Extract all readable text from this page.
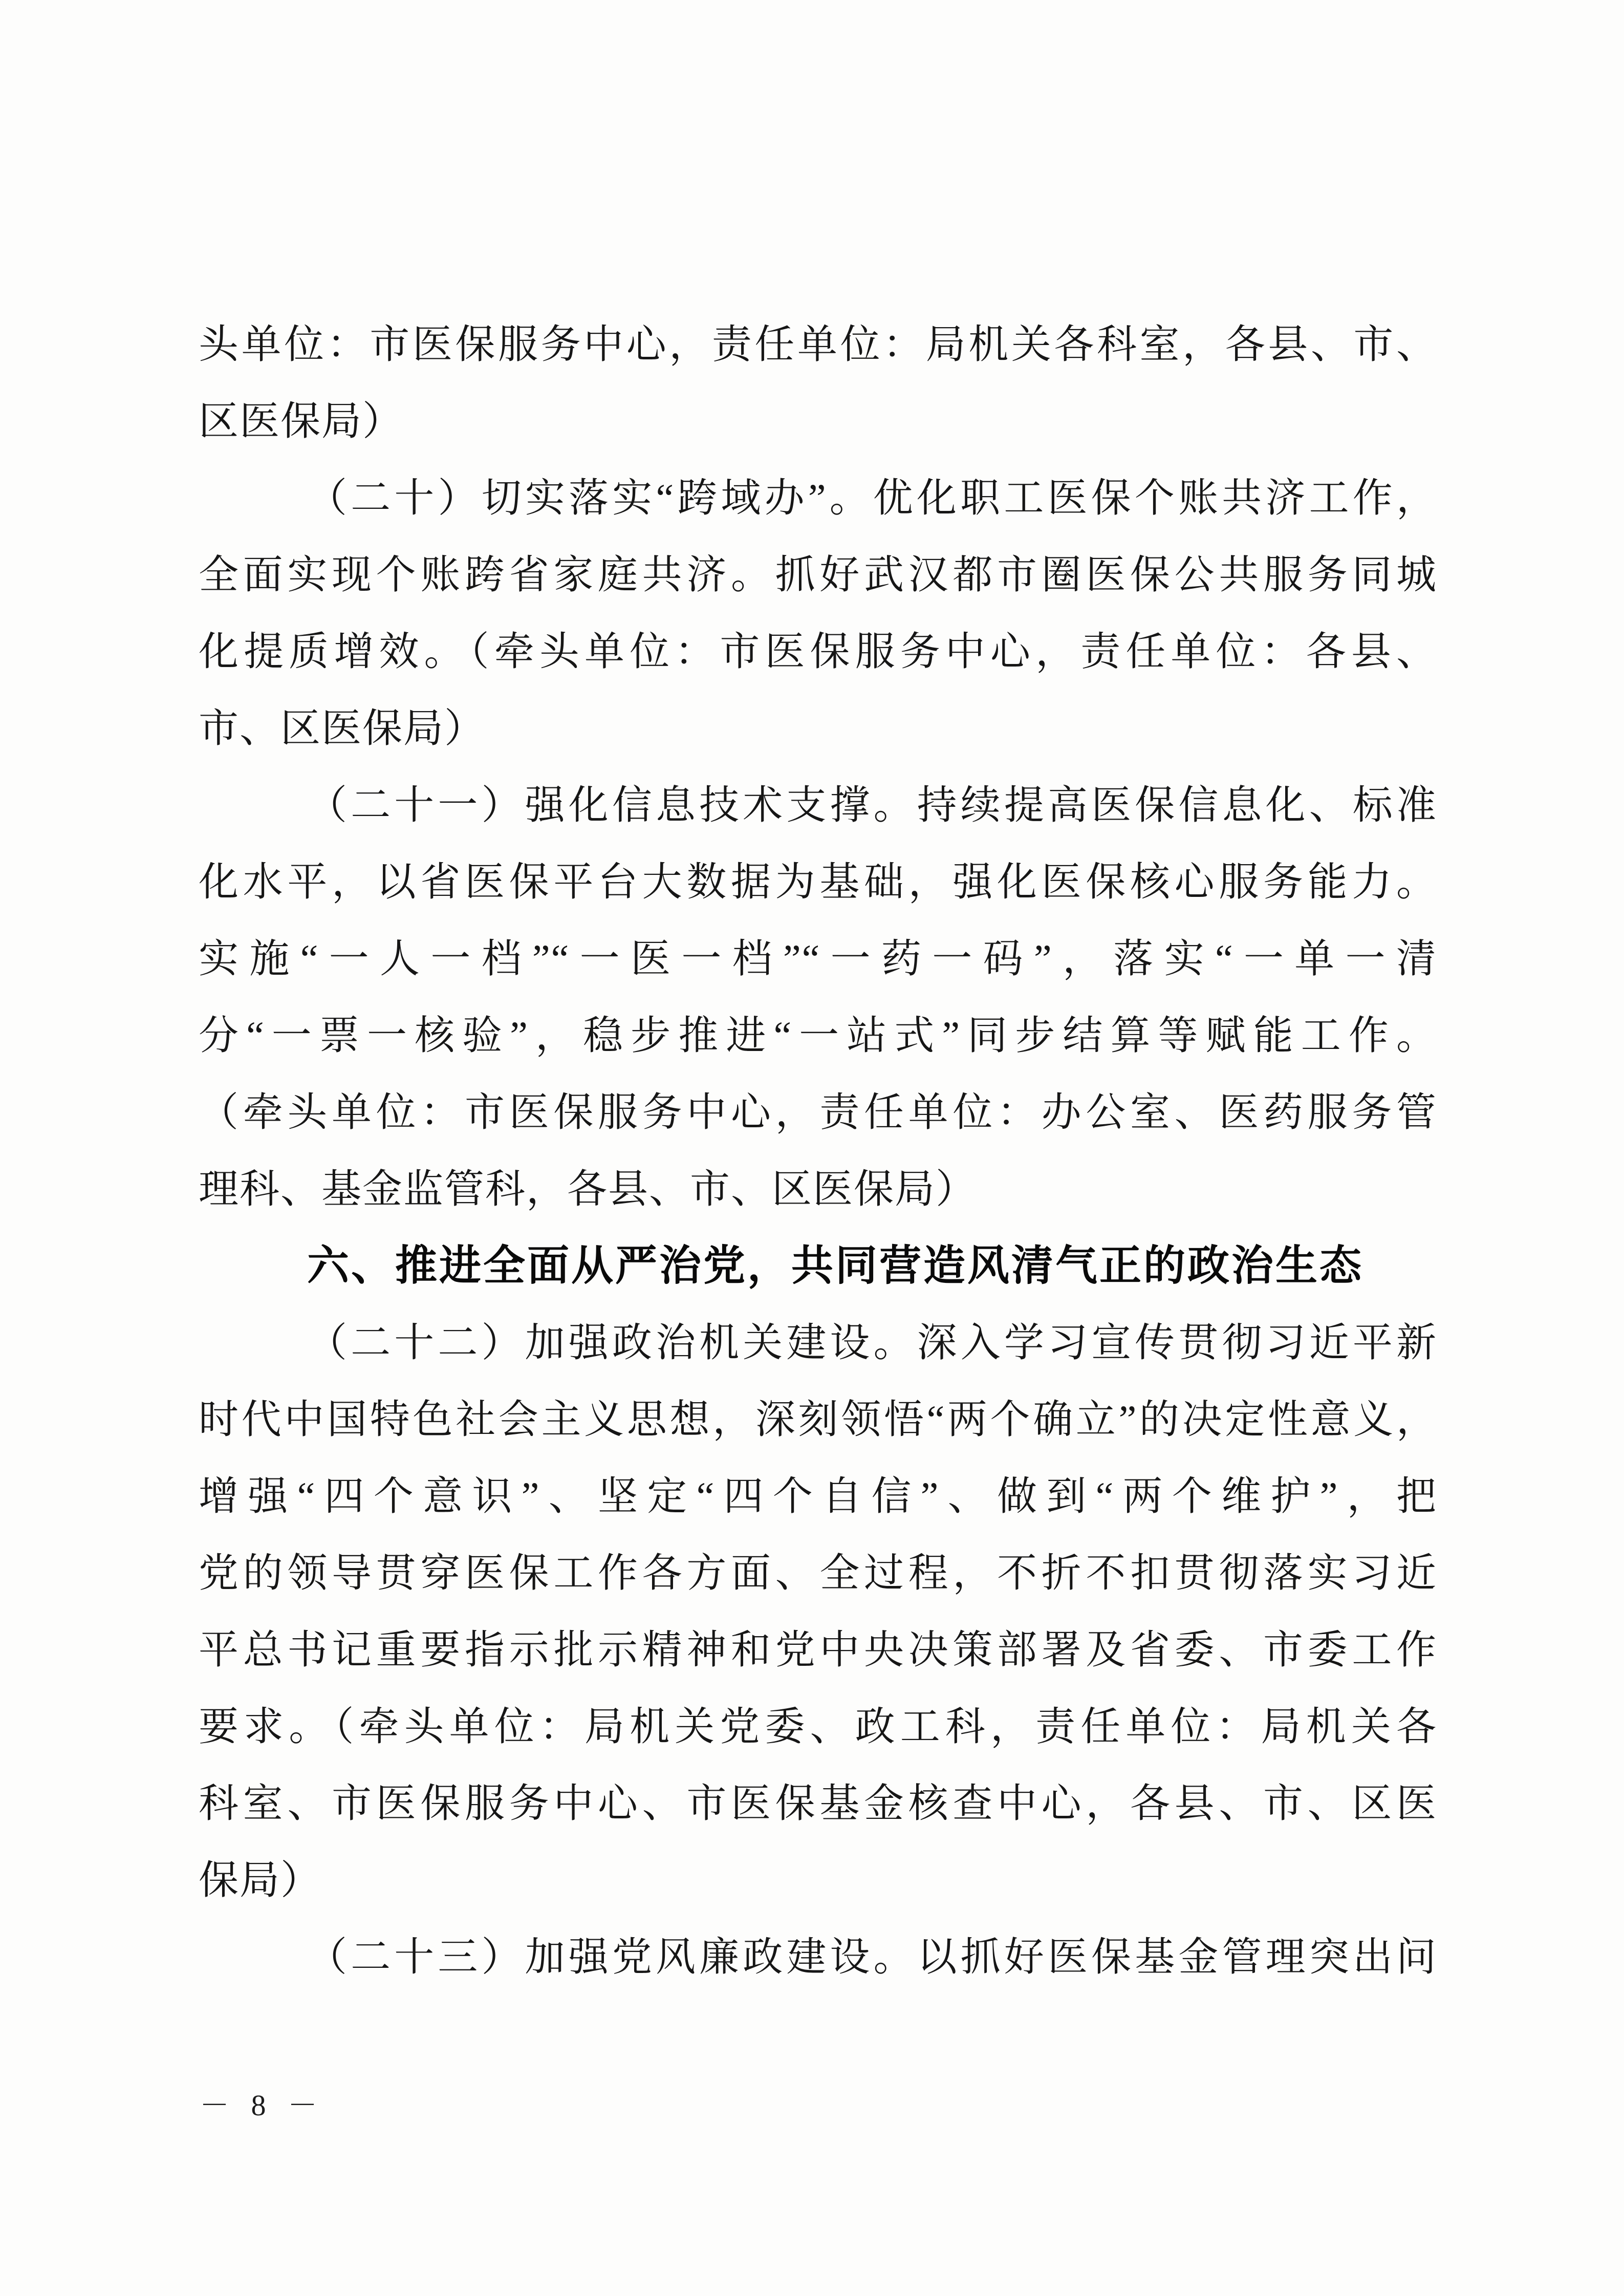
头单位：市医保服务中心，责任单位：局机关各科室，各县、市、
区医保局）
（二十）切实落实“跨域办”。优化职工医保个账共济工作，
全面实现个账跨省家庭共济。抓好武汉都市圈医保公共服务同城
化提质增效。（牵头单位：市医保服务中心，责任单位：各县、
市、区医保局）
（二十一）强化信息技术支撑。持续提高医保信息化、标准
化水平，以省医保平台大数据为基础，强化医保核心服务能力。
实施“一人一档”“一医一档”“一药一码”，落实“一单一清
分“一票一核验”，稳步推进“一站式”同步结算等赋能工作。
（牵头单位：市医保服务中心，责任单位：办公室、医药服务管
理科、基金监管科，各县、市、区医保局）
六、推进全面从严治党，共同营造风清气正的政治生态
（二十二）加强政治机关建设。深入学习宣传贯彻习近平新
时代中国特色社会主义思想，深刻领悟“两个确立”的决定性意义，
增强“四个意识”、坚定“四个自信”、做到“两个维护”，把
党的领导贯穿医保工作各方面、全过程，不折不扣贯彻落实习近
平总书记重要指示批示精神和党中央决策部署及省委、市委工作
要求。（牵头单位：局机关党委、政工科，责任单位：局机关各
科室、市医保服务中心、市医保基金核查中心，各县、市、区医
保局）
（二十三）加强党风廉政建设。以抓好医保基金管理突出问
－ 8 －
